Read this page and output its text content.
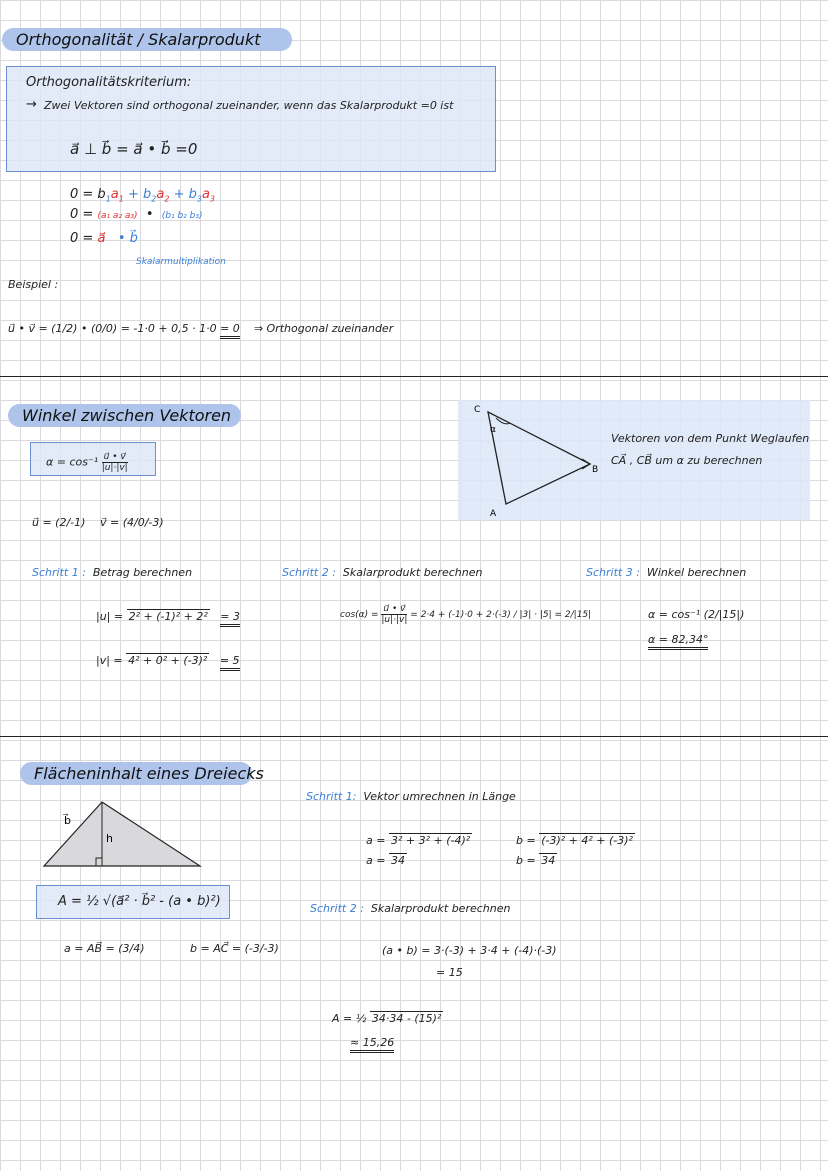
Orthogonalität / Skalarprodukt
Orthogonalitätskriterium:
→ Zwei Vektoren sind orthogonal zueinander, wenn das Skalarprodukt =0 ist
a⃗ ⊥ b⃗ = a⃗ • b⃗ =0
$0 = b_1a_1 + b_2a_2 + b_3a_3$
0 = (a₁ a₂ a₃)  •  (b₁ b₂ b₃)
0 = a⃗ • b⃗
Skalarmultiplikation
Beispiel :
u⃗ • v⃗ = (1/2) • (0/0) = -1·0 + 0,5 · 1·0 = 0 ⇒ Orthogonal zueinander
Winkel zwischen Vektoren
$\alpha = \cos^{-1} \frac{u⃗ • v⃗}{|u|\cdot|v|}$
C
B
A
α
Vektoren von dem Punkt Weglaufen
CA⃗ , CB⃗ um α zu berechnen
u⃗ = (2/-1) v⃗ = (4/0/-3)
Schritt 1 : Betrag berechnen	Schritt 2 : Skalarprodukt berechnen	Schritt 3 : Winkel berechnen
|u| = 2² + (-1)² + 2² = 3
|v| = 4² + 0² + (-3)² = 5
$\cos(\alpha) = \frac{u⃗ • v⃗}{|u|\cdot|v|} = 2\cdot 4 + (-1)\cdot 0 + 2\cdot(-3) / |3| \cdot |5| = 2/|15|$	α = cos⁻¹ (2/|15|)
α = 82,34°
Flächeninhalt eines Dreiecks
b⃗
h
A = ½ √(a⃗² · b⃗² - (a • b)²)
a = AB⃗ = (3/4)	b = AC⃗ = (-3/-3)
Schritt 1: Vektor umrechnen in Länge
a = 3² + 3² + (-4)²
a = 34
b = (-3)² + 4² + (-3)²
b = 34
Schritt 2 : Skalarprodukt berechnen
(a • b) = 3·(-3) + 3·4 + (-4)·(-3)
= 15
A = ½ 34·34 - (15)²
≈ 15,26
